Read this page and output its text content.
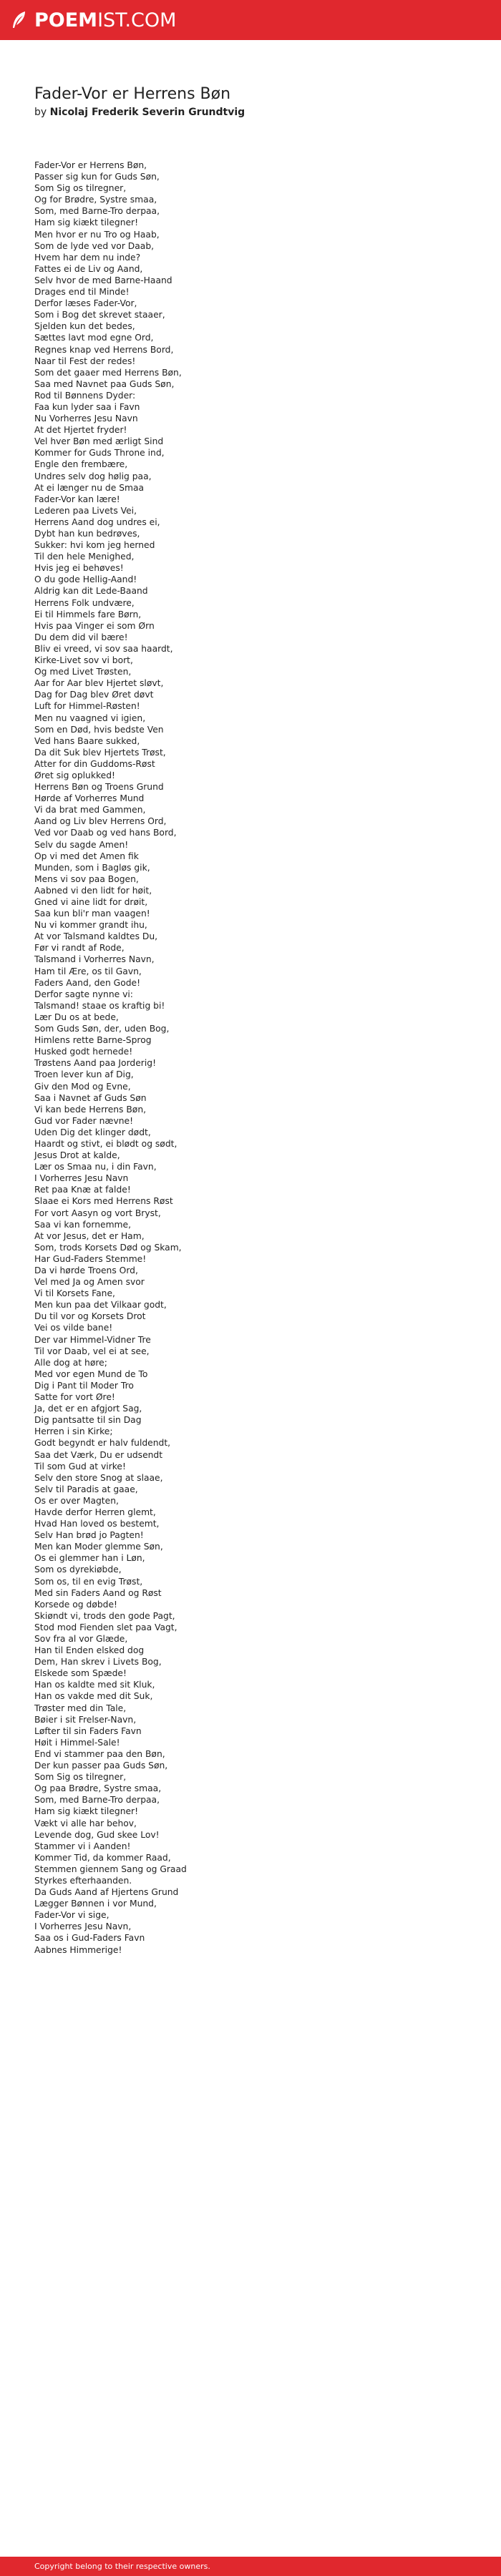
POEMIST.COM
Fader-Vor er Herrens Bøn
by Nicolaj Frederik Severin Grundtvig
Fader-Vor er Herrens Bøn,
Passer sig kun for Guds Søn,
Som Sig os tilregner,
Og for Brødre, Systre smaa,
Som, med Barne-Tro derpaa,
Ham sig kiækt tilegner!
Men hvor er nu Tro og Haab,
Som de lyde ved vor Daab,
Hvem har dem nu inde?
Fattes ei de Liv og Aand,
Selv hvor de med Barne-Haand
Drages end til Minde!
Derfor læses Fader-Vor,
Som i Bog det skrevet staaer,
Sjelden kun det bedes,
Sættes lavt mod egne Ord,
Regnes knap ved Herrens Bord,
Naar til Fest der redes!
Som det gaaer med Herrens Bøn,
Saa med Navnet paa Guds Søn,
Rod til Bønnens Dyder:
Faa kun lyder saa i Favn
Nu Vorherres Jesu Navn
At det Hjertet fryder!
Vel hver Bøn med ærligt Sind
Kommer for Guds Throne ind,
Engle den frembære,
Undres selv dog hølig paa,
At ei længer nu de Smaa
Fader-Vor kan lære!
Lederen paa Livets Vei,
Herrens Aand dog undres ei,
Dybt han kun bedrøves,
Sukker: hvi kom jeg herned
Til den hele Menighed,
Hvis jeg ei behøves!
O du gode Hellig-Aand!
Aldrig kan dit Lede-Baand
Herrens Folk undvære,
Ei til Himmels fare Børn,
Hvis paa Vinger ei som Ørn
Du dem did vil bære!
Bliv ei vreed, vi sov saa haardt,
Kirke-Livet sov vi bort,
Og med Livet Trøsten,
Aar for Aar blev Hjertet sløvt,
Dag for Dag blev Øret døvt
Luft for Himmel-Røsten!
Men nu vaagned vi igien,
Som en Død, hvis bedste Ven
Ved hans Baare sukked,
Da dit Suk blev Hjertets Trøst,
Atter for din Guddoms-Røst
Øret sig oplukked!
Herrens Bøn og Troens Grund
Hørde af Vorherres Mund
Vi da brat med Gammen,
Aand og Liv blev Herrens Ord,
Ved vor Daab og ved hans Bord,
Selv du sagde Amen!
Op vi med det Amen fik
Munden, som i Bagløs gik,
Mens vi sov paa Bogen,
Aabned vi den lidt for høit,
Gned vi aine lidt for drøit,
Saa kun bli'r man vaagen!
Nu vi kommer grandt ihu,
At vor Talsmand kaldtes Du,
Før vi randt af Rode,
Talsmand i Vorherres Navn,
Ham til Ære, os til Gavn,
Faders Aand, den Gode!
Derfor sagte nynne vi:
Talsmand! staae os kraftig bi!
Lær Du os at bede,
Som Guds Søn, der, uden Bog,
Himlens rette Barne-Sprog
Husked godt hernede!
Trøstens Aand paa Jorderig!
Troen lever kun af Dig,
Giv den Mod og Evne,
Saa i Navnet af Guds Søn
Vi kan bede Herrens Bøn,
Gud vor Fader nævne!
Uden Dig det klinger dødt,
Haardt og stivt, ei blødt og sødt,
Jesus Drot at kalde,
Lær os Smaa nu, i din Favn,
I Vorherres Jesu Navn
Ret paa Knæ at falde!
Slaae ei Kors med Herrens Røst
For vort Aasyn og vort Bryst,
Saa vi kan fornemme,
At vor Jesus, det er Ham,
Som, trods Korsets Død og Skam,
Har Gud-Faders Stemme!
Da vi hørde Troens Ord,
Vel med Ja og Amen svor
Vi til Korsets Fane,
Men kun paa det Vilkaar godt,
Du til vor og Korsets Drot
Vei os vilde bane!
Der var Himmel-Vidner Tre
Til vor Daab, vel ei at see,
Alle dog at høre;
Med vor egen Mund de To
Dig i Pant til Moder Tro
Satte for vort Øre!
Ja, det er en afgjort Sag,
Dig pantsatte til sin Dag
Herren i sin Kirke;
Godt begyndt er halv fuldendt,
Saa det Værk, Du er udsendt
Til som Gud at virke!
Selv den store Snog at slaae,
Selv til Paradis at gaae,
Os er over Magten,
Havde derfor Herren glemt,
Hvad Han loved os bestemt,
Selv Han brød jo Pagten!
Men kan Moder glemme Søn,
Os ei glemmer han i Løn,
Som os dyrekiøbde,
Som os, til en evig Trøst,
Med sin Faders Aand og Røst
Korsede og døbde!
Skiøndt vi, trods den gode Pagt,
Stod mod Fienden slet paa Vagt,
Sov fra al vor Glæde,
Han til Enden elsked dog
Dem, Han skrev i Livets Bog,
Elskede som Spæde!
Han os kaldte med sit Kluk,
Han os vakde med dit Suk,
Trøster med din Tale,
Bøier i sit Frelser-Navn,
Løfter til sin Faders Favn
Høit i Himmel-Sale!
End vi stammer paa den Bøn,
Der kun passer paa Guds Søn,
Som Sig os tilregner,
Og paa Brødre, Systre smaa,
Som, med Barne-Tro derpaa,
Ham sig kiækt tilegner!
Vækt vi alle har behov,
Levende dog, Gud skee Lov!
Stammer vi i Aanden!
Kommer Tid, da kommer Raad,
Stemmen giennem Sang og Graad
Styrkes efterhaanden.
Da Guds Aand af Hjertens Grund
Lægger Bønnen i vor Mund,
Fader-Vor vi sige,
I Vorherres Jesu Navn,
Saa os i Gud-Faders Favn
Aabnes Himmerige!
Copyright belong to their respective owners.
